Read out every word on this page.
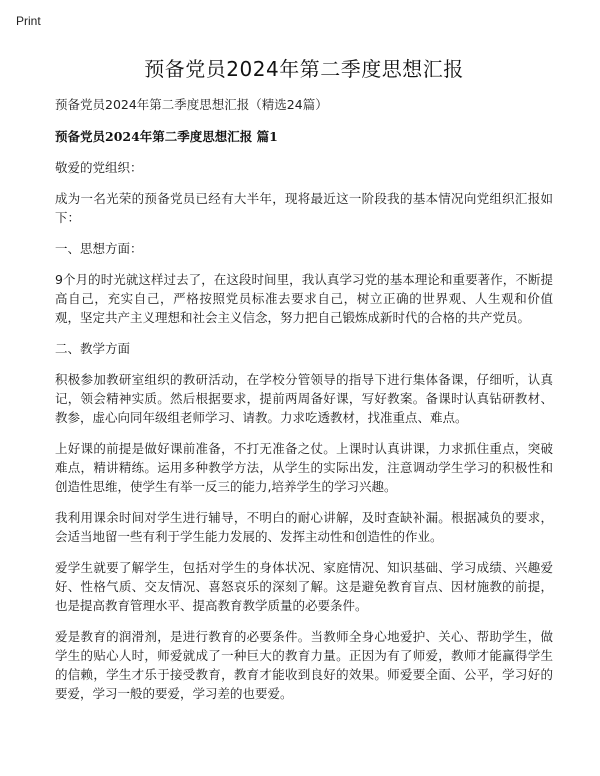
Print
预备党员2024年第二季度思想汇报
预备党员2024年第二季度思想汇报（精选24篇）
预备党员2024年第二季度思想汇报 篇1

敬爱的党组织：

成为一名光荣的预备党员已经有大半年，现将最近这一阶段我的基本情况向党组织汇报如下：

一、思想方面：

9个月的时光就这样过去了，在这段时间里，我认真学习党的基本理论和重要著作，不断提高自己，充实自己，严格按照党员标准去要求自己，树立正确的世界观、人生观和价值观，坚定共产主义理想和社会主义信念，努力把自己锻炼成新时代的合格的共产党员。

二、教学方面

积极参加教研室组织的教研活动，在学校分管领导的指导下进行集体备课，仔细听，认真记，领会精神实质。然后根据要求，提前两周备好课，写好教案。备课时认真钻研教材、教参，虚心向同年级组老师学习、请教。力求吃透教材，找准重点、难点。

上好课的前提是做好课前准备，不打无准备之仗。上课时认真讲课，力求抓住重点，突破难点，精讲精练。运用多种教学方法，从学生的实际出发，注意调动学生学习的积极性和创造性思维，使学生有举一反三的能力,培养学生的学习兴趣。

我利用课余时间对学生进行辅导，不明白的耐心讲解，及时查缺补漏。根据减负的要求，会适当地留一些有利于学生能力发展的、发挥主动性和创造性的作业。

爱学生就要了解学生，包括对学生的身体状况、家庭情况、知识基础、学习成绩、兴趣爱好、性格气质、交友情况、喜怒哀乐的深刻了解。这是避免教育盲点、因材施教的前提，也是提高教育管理水平、提高教育教学质量的必要条件。

爱是教育的润滑剂，是进行教育的必要条件。当教师全身心地爱护、关心、帮助学生，做学生的贴心人时，师爱就成了一种巨大的教育力量。正因为有了师爱，教师才能赢得学生的信赖，学生才乐于接受教育，教育才能收到良好的效果。师爱要全面、公平，学习好的要爱，学习一般的要爱，学习差的也要爱。
